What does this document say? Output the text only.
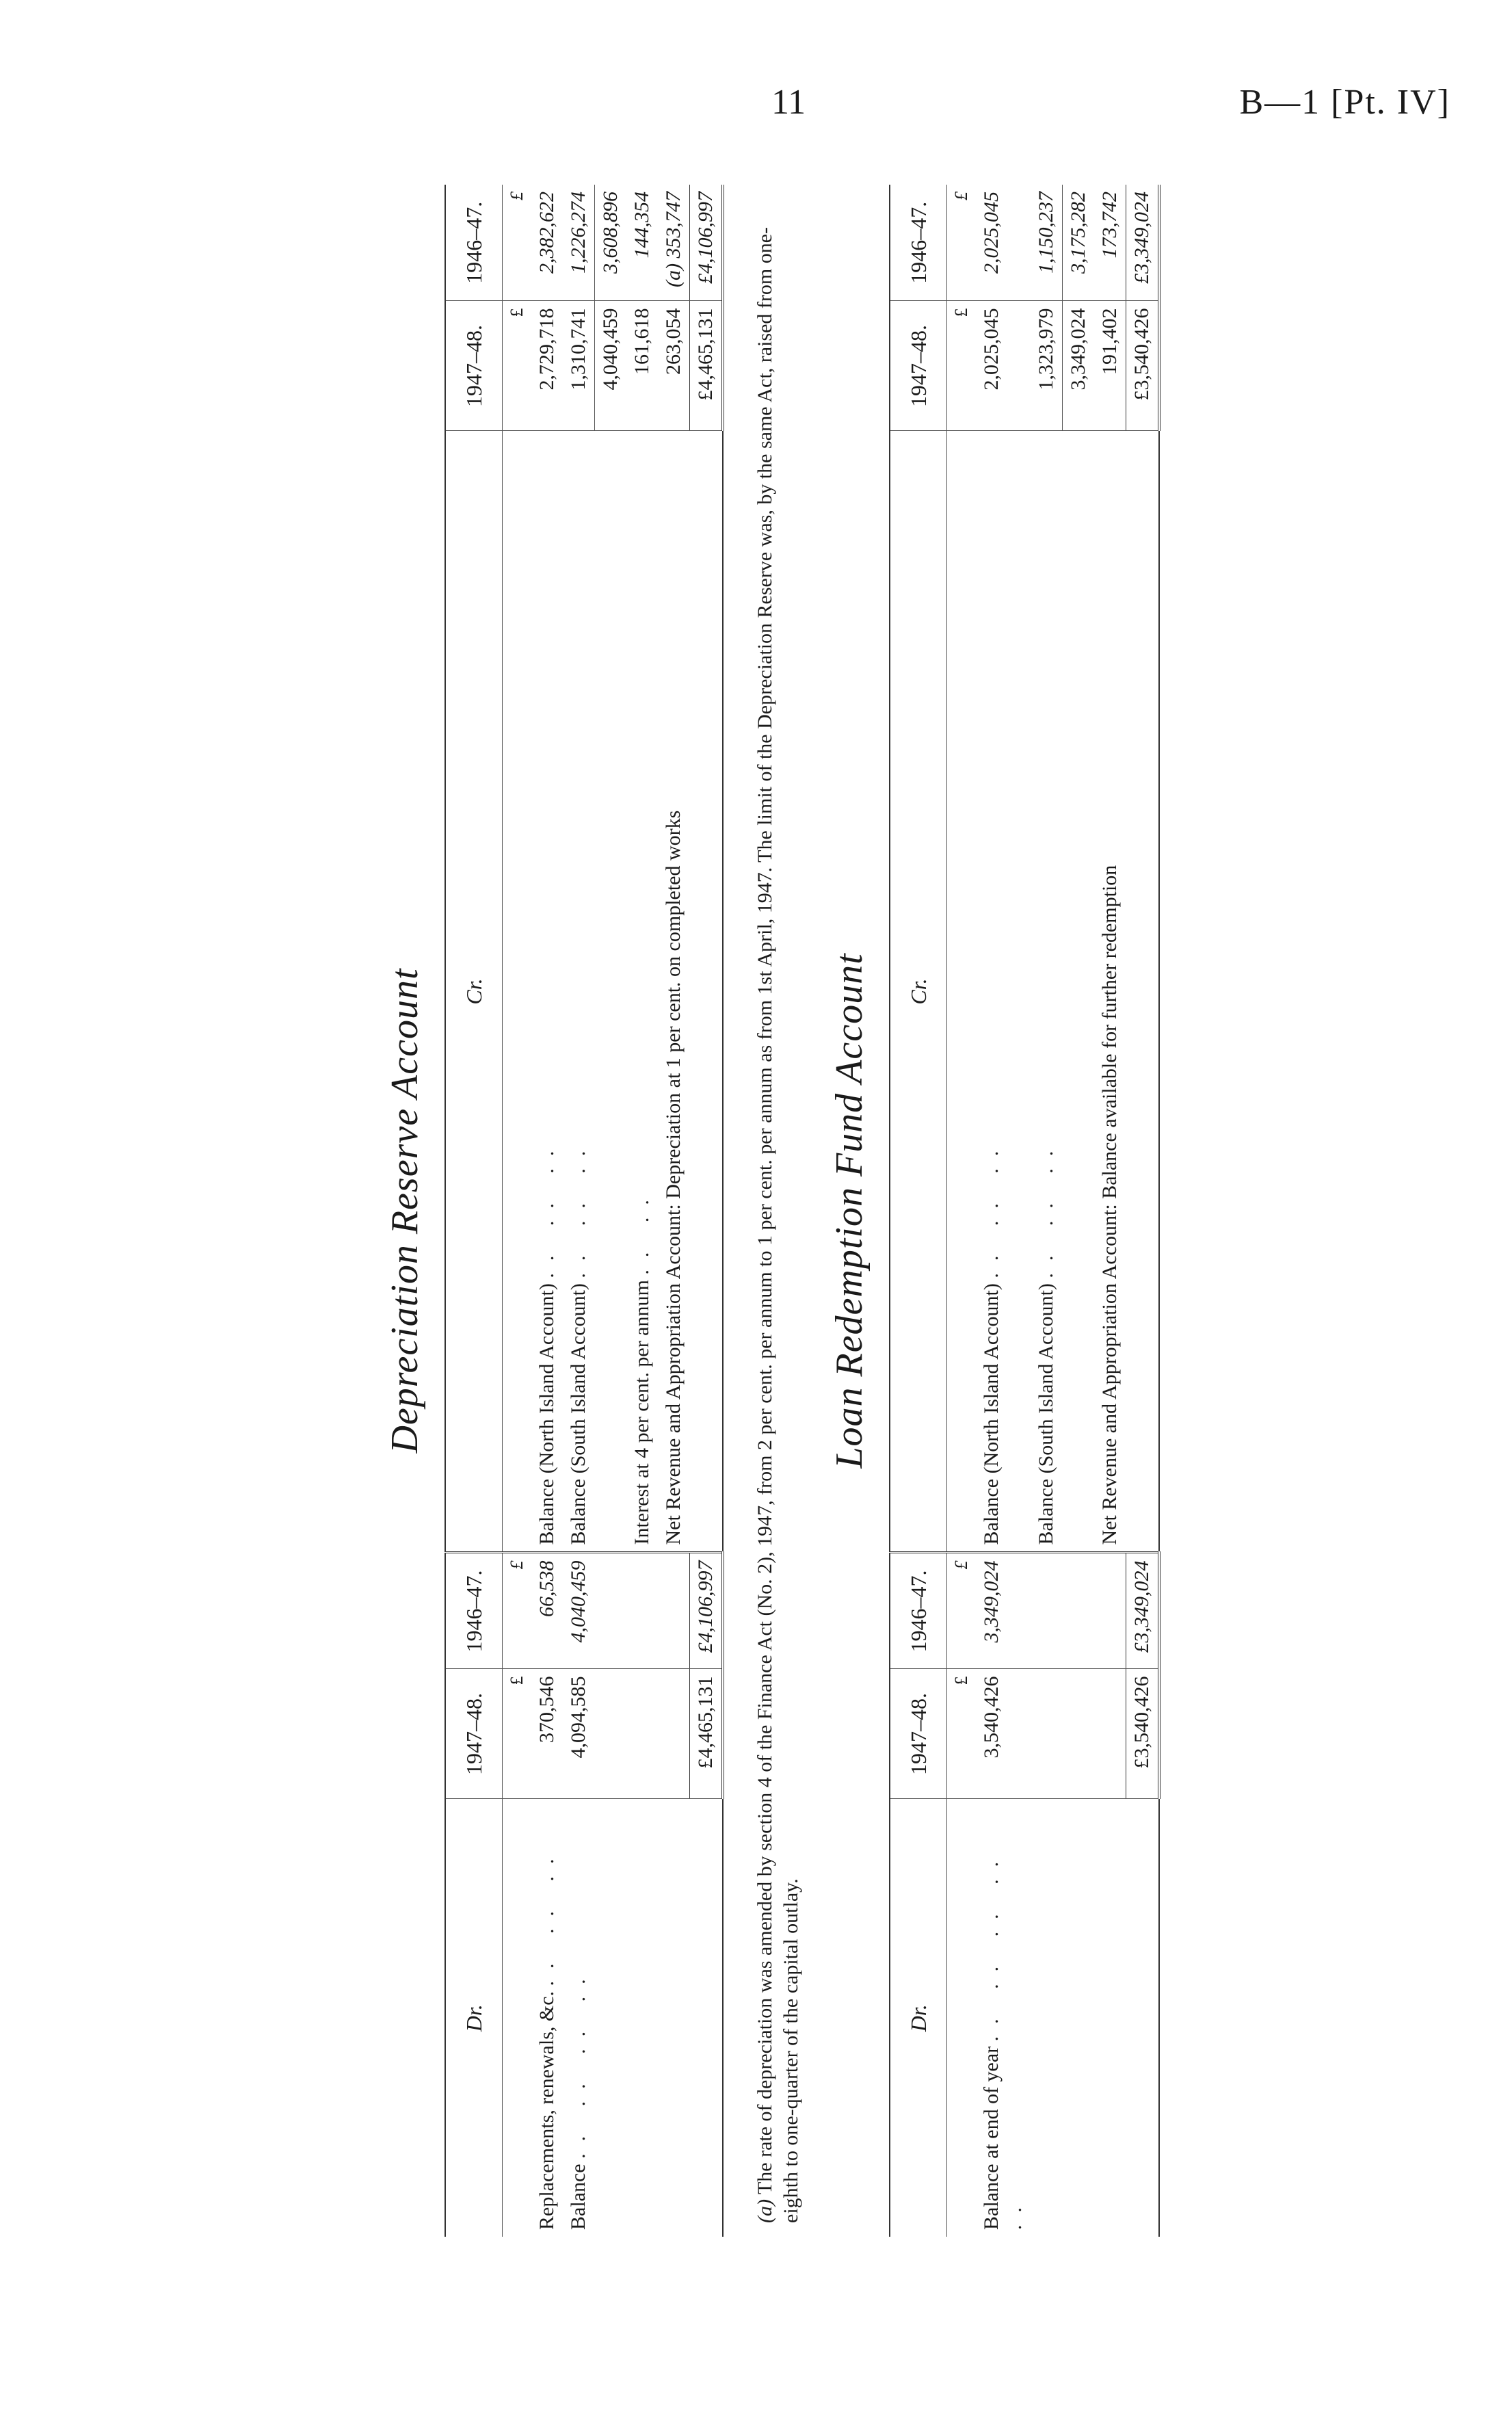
11	B—1 [Pt. IV]
Depreciation Reserve Account
Dr.	1947–48.	1946–47.	Cr.	1947–48.	1946–47.
	£	£		£	£
Replacements, renewals, &c. .. .. ..	370,546	66,538	Balance (North Island Account) .. .. ..	2,729,718	2,382,622
Balance .. .. .. ..	4,094,585	4,040,459	Balance (South Island Account) .. .. ..	1,310,741	1,226,274
				4,040,459	3,608,896
			Interest at 4 per cent. per annum .. ..	161,618	144,354
			Net Revenue and Appropriation Account: Depreciation at 1 per cent. on completed works	263,054	(a) 353,747
	£4,465,131	£4,106,997		£4,465,131	£4,106,997
(a) The rate of depreciation was amended by section 4 of the Finance Act (No. 2), 1947, from 2 per cent. per annum to 1 per cent. per annum as from 1st April, 1947. The limit of the Depreciation Reserve was, by the same Act, raised from one-eighth to one-quarter of the capital outlay.
Loan Redemption Fund Account
Dr.	1947–48.	1946–47.	Cr.	1947–48.	1946–47.
	£	£		£	£
Balance at end of year .. .. .. .. ..	3,540,426	3,349,024	Balance (North Island Account) .. .. ..	2,025,045	2,025,045
			Balance (South Island Account) .. .. ..	1,323,979	1,150,237
				3,349,024	3,175,282
			Net Revenue and Appropriation Account: Balance available for further redemption	191,402	173,742
	£3,540,426	£3,349,024		£3,540,426	£3,349,024
